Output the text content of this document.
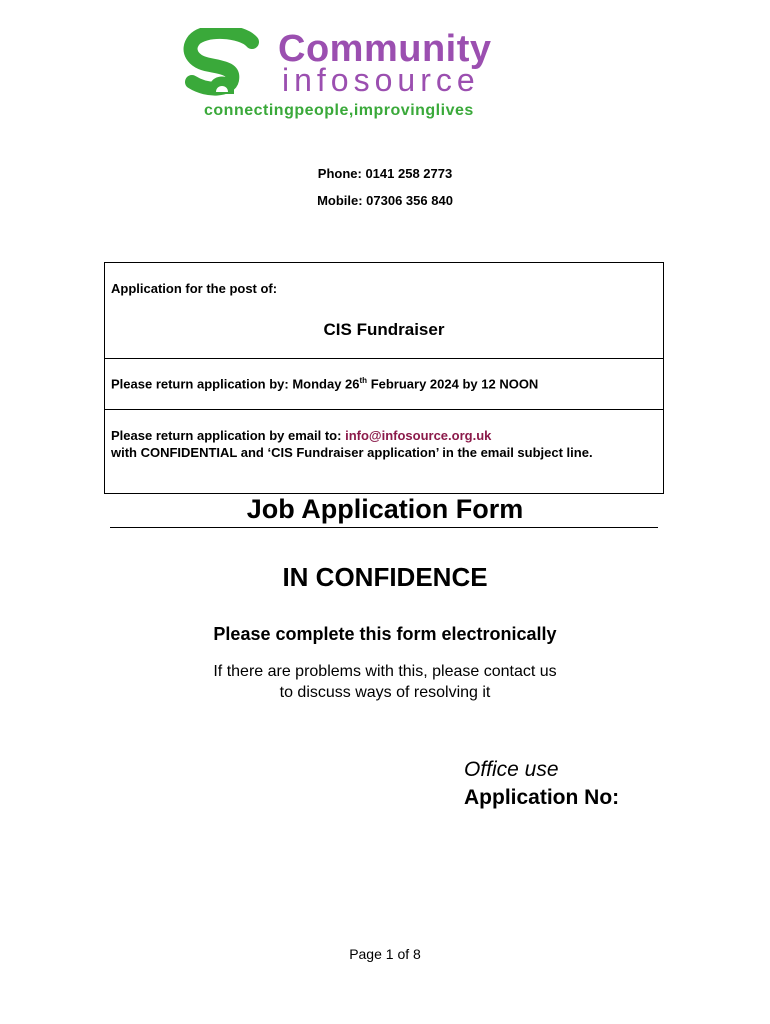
Community
infosource
connectingpeople,improvinglives
Phone: 0141 258 2773
Mobile: 07306 356 840
Application for the post of:
CIS Fundraiser
Please return application by: Monday 26th February 2024 by 12 NOON
Please return application by email to: info@infosource.org.uk
with CONFIDENTIAL and ‘CIS Fundraiser application’ in the email subject line.
Job Application Form
IN CONFIDENCE
Please complete this form electronically
If there are problems with this, please contact us
to discuss ways of resolving it
Office use
Application No:
Page 1 of 8
